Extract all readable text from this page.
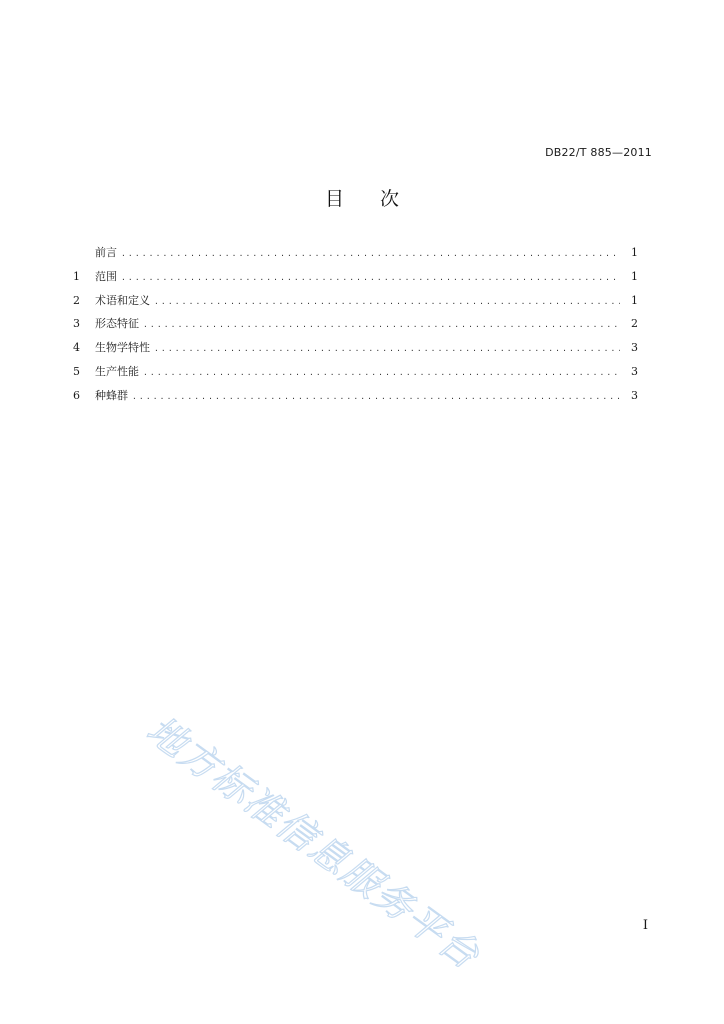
DB22/T 885—2011
目次
前言 .....	1
1	范围 .....	1
2	术语和定义 .....	1
3	形态特征 .....	2
4	生物学特性 .....	3
5	生产性能 .....	3
6	种蜂群 .....	3
地方标准信息服务平台	I
